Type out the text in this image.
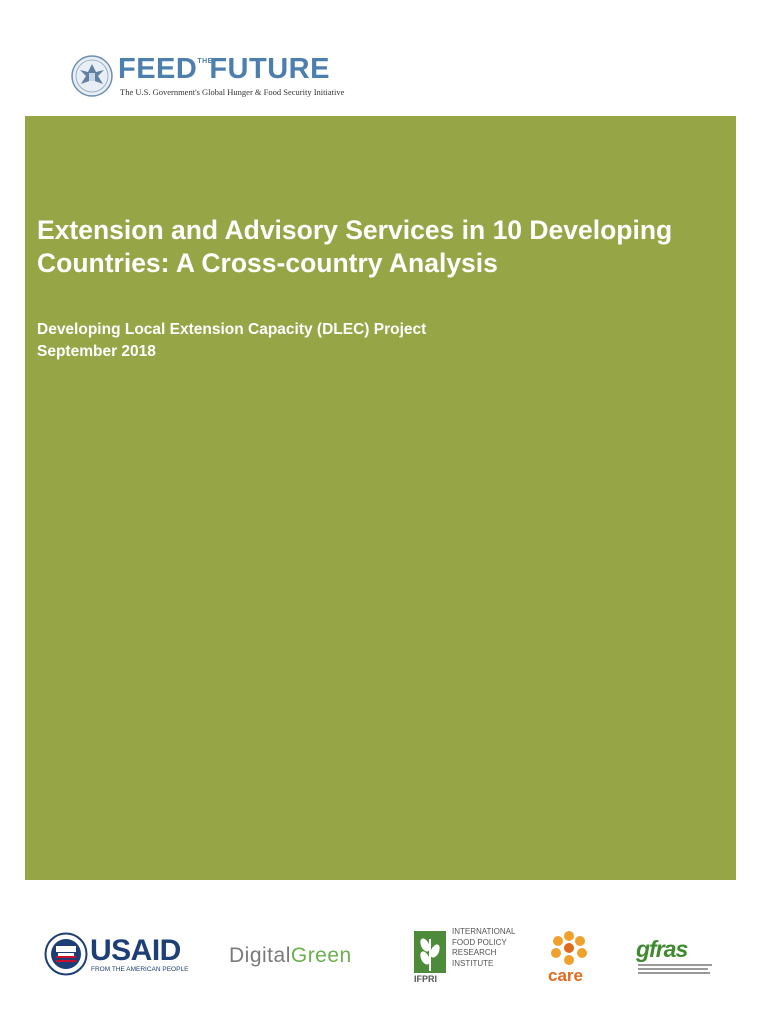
FEEDTHEFUTURE
The U.S. Government's Global Hunger & Food Security Initiative
Extension and Advisory Services in 10 Developing
Countries: A Cross-country Analysis

Developing Local Extension Capacity (DLEC) Project
September 2018

USAID
FROM THE AMERICAN PEOPLE
DigitalGreen
IFPRI
INTERNATIONAL
FOOD POLICY
RESEARCH
INSTITUTE
care
gfras
